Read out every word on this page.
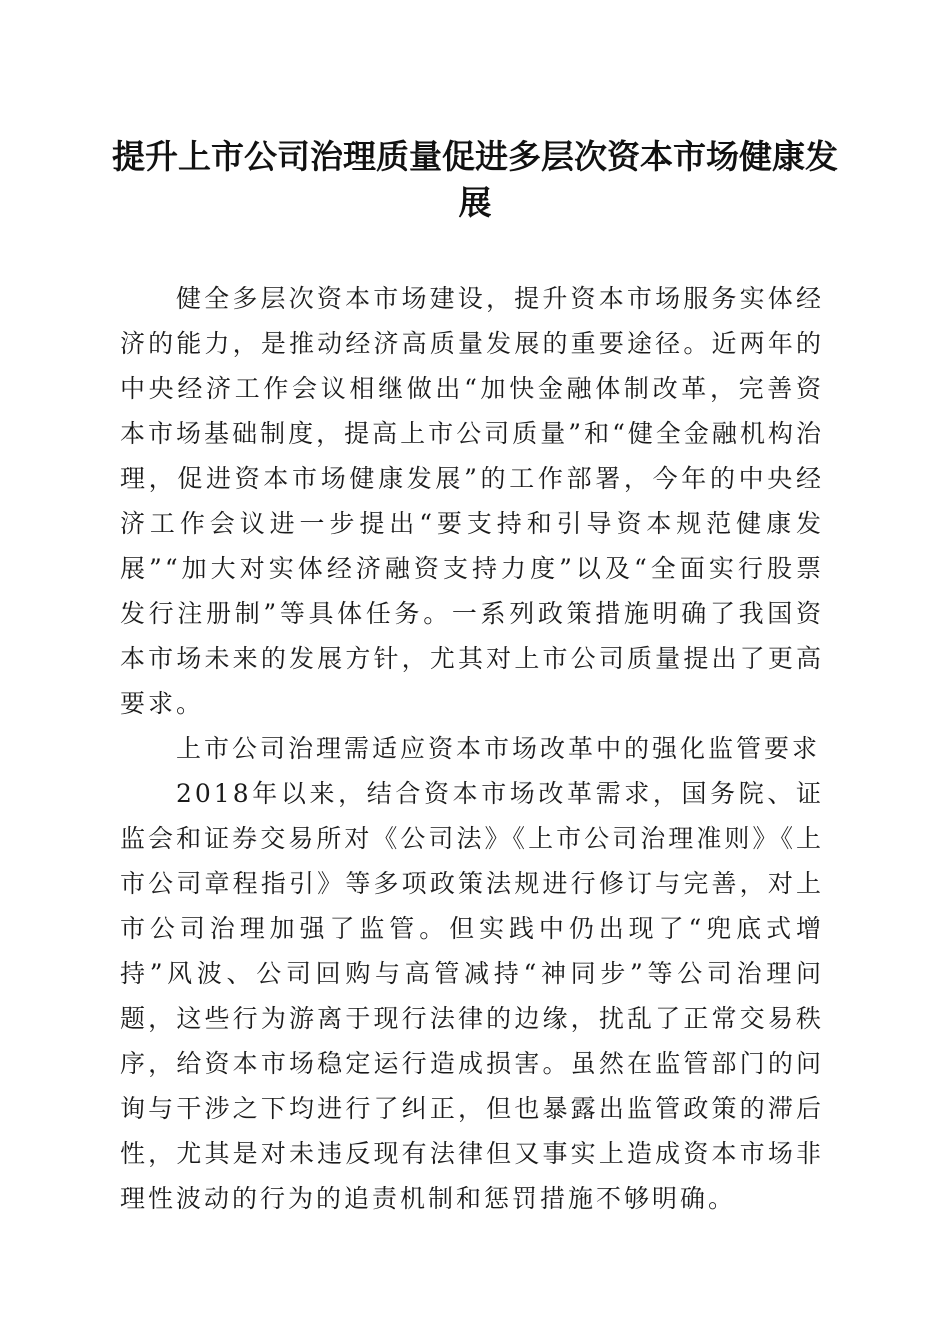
提升上市公司治理质量促进多层次资本市场健康发展

健全多层次资本市场建设，提升资本市场服务实体经济的能力，是推动经济高质量发展的重要途径。近两年的中央经济工作会议相继做出“加快金融体制改革，完善资本市场基础制度，提高上市公司质量”和“健全金融机构治理，促进资本市场健康发展”的工作部署，今年的中央经济工作会议进一步提出“要支持和引导资本规范健康发展”“加大对实体经济融资支持力度”以及“全面实行股票发行注册制”等具体任务。一系列政策措施明确了我国资本市场未来的发展方针，尤其对上市公司质量提出了更高要求。

上市公司治理需适应资本市场改革中的强化监管要求

2018年以来，结合资本市场改革需求，国务院、证监会和证券交易所对《公司法》《上市公司治理准则》《上市公司章程指引》等多项政策法规进行修订与完善，对上市公司治理加强了监管。但实践中仍出现了“兜底式增持”风波、公司回购与高管减持“神同步”等公司治理问题，这些行为游离于现行法律的边缘，扰乱了正常交易秩序，给资本市场稳定运行造成损害。虽然在监管部门的问询与干涉之下均进行了纠正，但也暴露出监管政策的滞后性，尤其是对未违反现有法律但又事实上造成资本市场非理性波动的行为的追责机制和惩罚措施不够明确。
